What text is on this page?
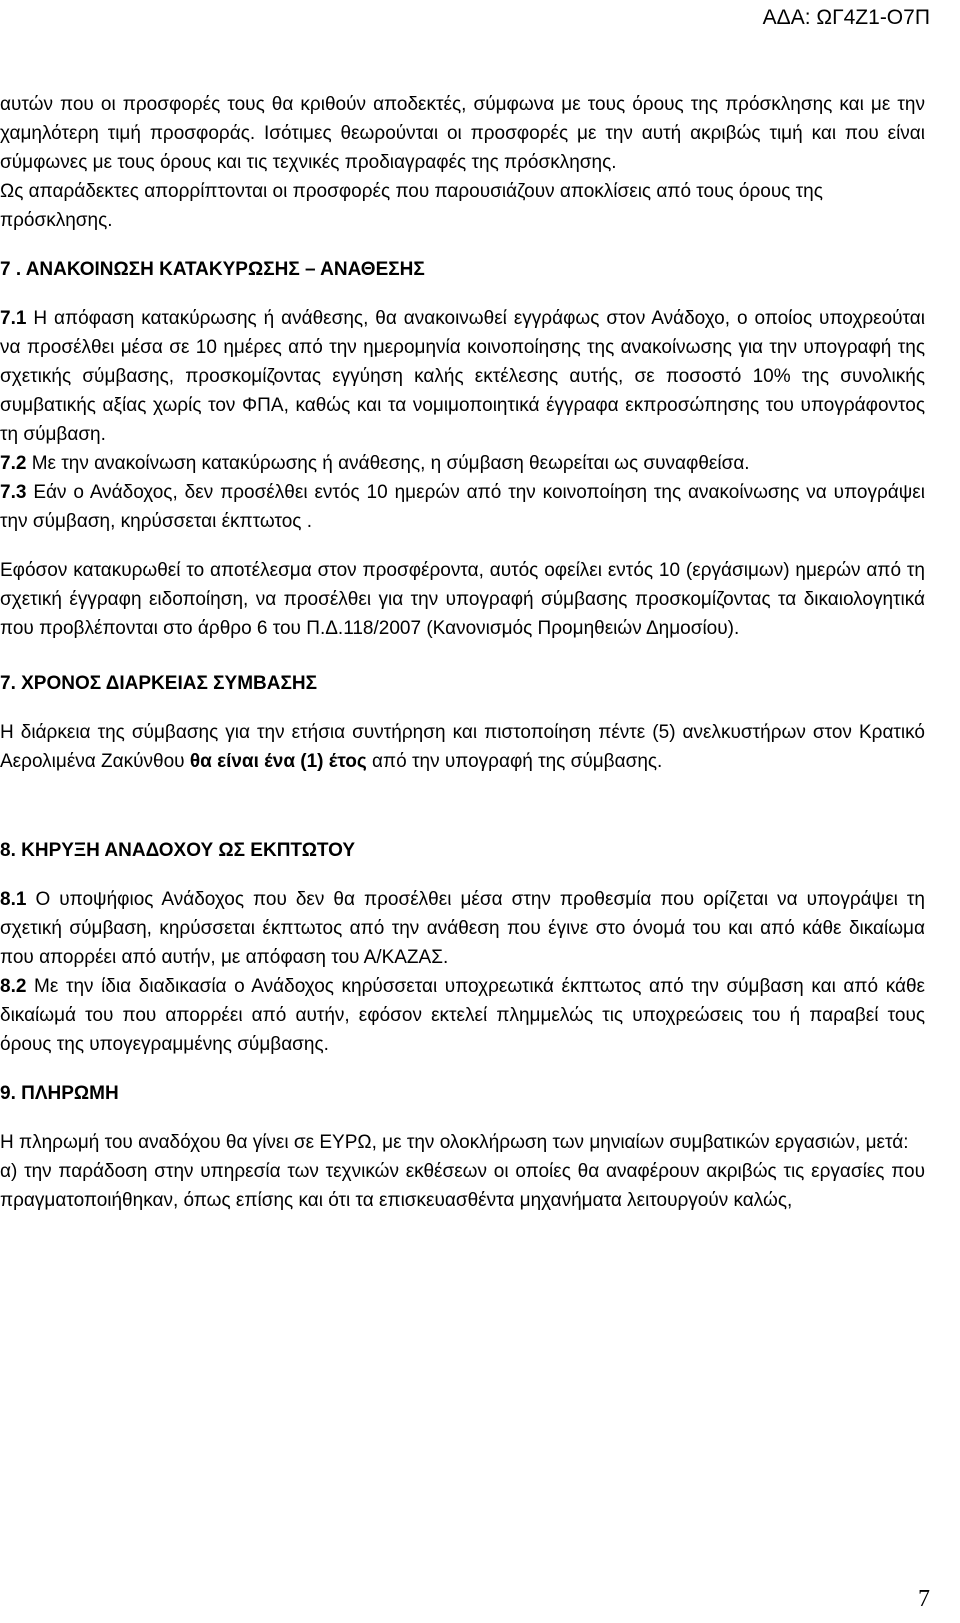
ΑΔΑ: ΩΓ4Ζ1-Ο7Π

αυτών που οι προσφορές τους θα κριθούν αποδεκτές, σύμφωνα με τους όρους της πρόσκλησης και με την χαμηλότερη τιμή προσφοράς. Ισότιμες θεωρούνται οι προσφορές με την αυτή ακριβώς τιμή και που είναι σύμφωνες με τους όρους και τις τεχνικές προδιαγραφές της πρόσκλησης.

Ως απαράδεκτες απορρίπτονται οι προσφορές που παρουσιάζουν αποκλίσεις από τους όρους της πρόσκλησης.

7 . ΑΝΑΚΟΙΝΩΣΗ ΚΑΤΑΚΥΡΩΣΗΣ – ΑΝΑΘΕΣΗΣ

7.1 Η απόφαση κατακύρωσης ή ανάθεσης, θα ανακοινωθεί εγγράφως στον Ανάδοχο, ο οποίος υποχρεούται να προσέλθει μέσα σε 10 ημέρες από την ημερομηνία κοινοποίησης της ανακοίνωσης για την υπογραφή της σχετικής σύμβασης, προσκομίζοντας εγγύηση καλής εκτέλεσης αυτής, σε ποσοστό 10% της συνολικής συμβατικής αξίας χωρίς τον ΦΠΑ, καθώς και τα νομιμοποιητικά έγγραφα εκπροσώπησης του υπογράφοντος τη σύμβαση.

7.2 Με την ανακοίνωση κατακύρωσης ή ανάθεσης, η σύμβαση θεωρείται ως συναφθείσα.

7.3 Εάν ο Ανάδοχος, δεν προσέλθει εντός 10 ημερών από την κοινοποίηση της ανακοίνωσης να υπογράψει την σύμβαση, κηρύσσεται έκπτωτος .

Εφόσον κατακυρωθεί το αποτέλεσμα στον προσφέροντα, αυτός οφείλει εντός 10 (εργάσιμων) ημερών από τη σχετική έγγραφη ειδοποίηση, να προσέλθει για την υπογραφή σύμβασης προσκομίζοντας τα δικαιολογητικά που προβλέπονται στο άρθρο 6 του Π.Δ.118/2007 (Κανονισμός Προμηθειών Δημοσίου).

7. ΧΡΟΝΟΣ ΔΙΑΡΚΕΙΑΣ ΣΥΜΒΑΣΗΣ

Η διάρκεια της σύμβασης για την ετήσια συντήρηση και πιστοποίηση πέντε (5) ανελκυστήρων στον Κρατικό Αερολιμένα Ζακύνθου θα είναι ένα (1) έτος από την υπογραφή της σύμβασης.

8. ΚΗΡΥΞΗ ΑΝΑΔΟΧΟΥ ΩΣ ΕΚΠΤΩΤΟΥ

8.1 Ο υποψήφιος Ανάδοχος που δεν θα προσέλθει μέσα στην προθεσμία που ορίζεται να υπογράψει τη σχετική σύμβαση, κηρύσσεται έκπτωτος από την ανάθεση που έγινε στο όνομά του και από κάθε δικαίωμα που απορρέει από αυτήν, με απόφαση του Α/ΚΑΖΑΣ.

8.2 Με την ίδια διαδικασία ο Ανάδοχος κηρύσσεται υποχρεωτικά έκπτωτος από την σύμβαση και από κάθε δικαίωμά του που απορρέει από αυτήν, εφόσον εκτελεί πλημμελώς τις υποχρεώσεις του ή παραβεί τους όρους της υπογεγραμμένης σύμβασης.

9. ΠΛΗΡΩΜΗ

Η πληρωμή του αναδόχου θα γίνει σε ΕΥΡΩ, με την ολοκλήρωση των μηνιαίων συμβατικών εργασιών, μετά:

α) την παράδοση στην υπηρεσία των τεχνικών εκθέσεων οι οποίες θα αναφέρουν ακριβώς τις εργασίες που πραγματοποιήθηκαν, όπως επίσης και ότι τα επισκευασθέντα μηχανήματα λειτουργούν καλώς,

7
